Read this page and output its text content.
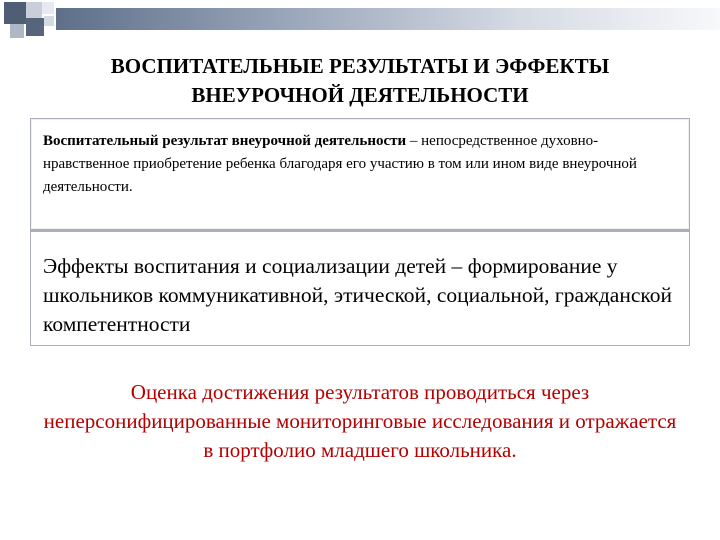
ВОСПИТАТЕЛЬНЫЕ РЕЗУЛЬТАТЫ И ЭФФЕКТЫ
ВНЕУРОЧНОЙ ДЕЯТЕЛЬНОСТИ
Воспитательный результат внеурочной деятельности – непосредственное духовно-нравственное приобретение ребенка благодаря его участию в том или ином виде внеурочной деятельности.
Эффекты воспитания и социализации детей – формирование у школьников коммуникативной, этической, социальной, гражданской компетентности
Оценка достижения результатов проводиться через неперсонифицированные мониторинговые исследования и отражается в портфолио младшего школьника.
